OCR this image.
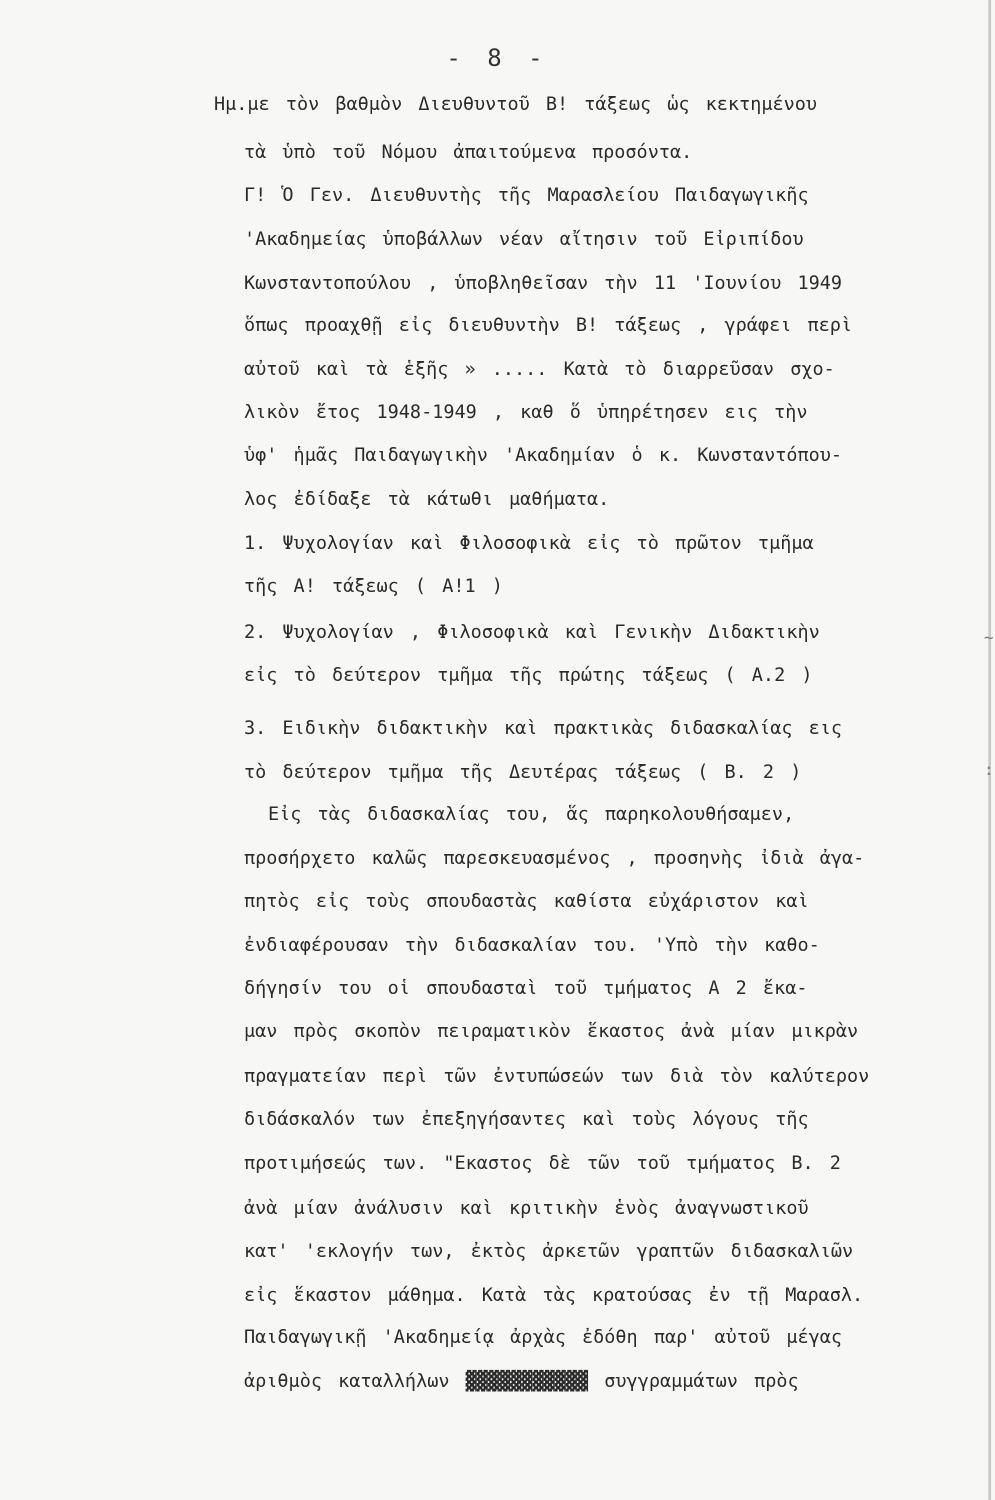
- 8 -
Ημ.με τὸν βαθμὸν Διευθυντοῦ Β! τάξεως ὡς κεκτημένου
τὰ ὑπὸ τοῦ Νόμου ἀπαιτούμενα προσόντα.
Γ! Ὁ Γεν. Διευθυντὴς τῆς Μαρασλείου Παιδαγωγικῆς
'Ακαδημείας ὑποβάλλων νέαν αἴτησιν τοῦ Εἰριπίδου
Κωνσταντοπούλου , ὑποβληθεῖσαν τὴν 11 'Ιουνίου 1949
ὅπως προαχθῇ εἰς διευθυντὴν Β! τάξεως , γράφει περὶ
αὐτοῦ καὶ τὰ ἑξῆς » ..... Κατὰ τὸ διαρρεῦσαν σχο-
λικὸν ἔτος 1948-1949 , καθ ὅ ὑπηρέτησεν εις τὴν
ὑφ' ἡμᾶς Παιδαγωγικὴν 'Ακαδημίαν ὁ κ. Κωνσταντόπου-
λος ἐδίδαξε τὰ κάτωθι μαθήματα.
1. Ψυχολογίαν καὶ Φιλοσοφικὰ εἰς τὸ πρῶτον τμῆμα
τῆς Α! τάξεως ( Α!1 )
2. Ψυχολογίαν , Φιλοσοφικὰ καὶ Γενικὴν Διδακτικὴν
εἰς τὸ δεύτερον τμῆμα τῆς πρώτης τάξεως ( Α.2 )
3. Ειδικὴν διδακτικὴν καὶ πρακτικὰς διδασκαλίας εις
τὸ δεύτερον τμῆμα τῆς Δευτέρας τάξεως ( Β. 2 )
Εἰς τὰς διδασκαλίας του, ἅς παρηκολουθήσαμεν,
προσήρχετο καλῶς παρεσκευασμένος , προσηνὴς ἰδιὰ ἀγα-
πητὸς εἰς τοὺς σπουδαστὰς καθίστα εὐχάριστον καὶ
ἐνδιαφέρουσαν τὴν διδασκαλίαν του. 'Υπὸ τὴν καθο-
δήγησίν του οἱ σπουδασταὶ τοῦ τμήματος Α 2 ἔκα-
μαν πρὸς σκοπὸν πειραματικὸν ἕκαστος ἀνὰ μίαν μικρὰν
πραγματείαν περὶ τῶν ἐντυπώσεών των διὰ τὸν καλύτερον
διδάσκαλόν των ἐπεξηγήσαντες καὶ τοὺς λόγους τῆς
προτιμήσεώς των. "Εκαστος δὲ τῶν τοῦ τμήματος Β. 2
ἀνὰ μίαν ἀνάλυσιν καὶ κριτικὴν ἑνὸς ἀναγνωστικοῦ
κατ' 'εκλογήν των, ἐκτὸς ἀρκετῶν γραπτῶν διδασκαλιῶν
εἰς ἕκαστον μάθημα. Κατὰ τὰς κρατούσας ἐν τῇ Μαρασλ.
Παιδαγωγικῇ 'Ακαδημείᾳ ἀρχὰς ἐδόθη παρ' αὐτοῦ μέγας
ἀριθμὸς καταλλήλων ▓▓▓▓▓▓▓▓▓▓▓ συγγραμμάτων πρὸς
~
:
